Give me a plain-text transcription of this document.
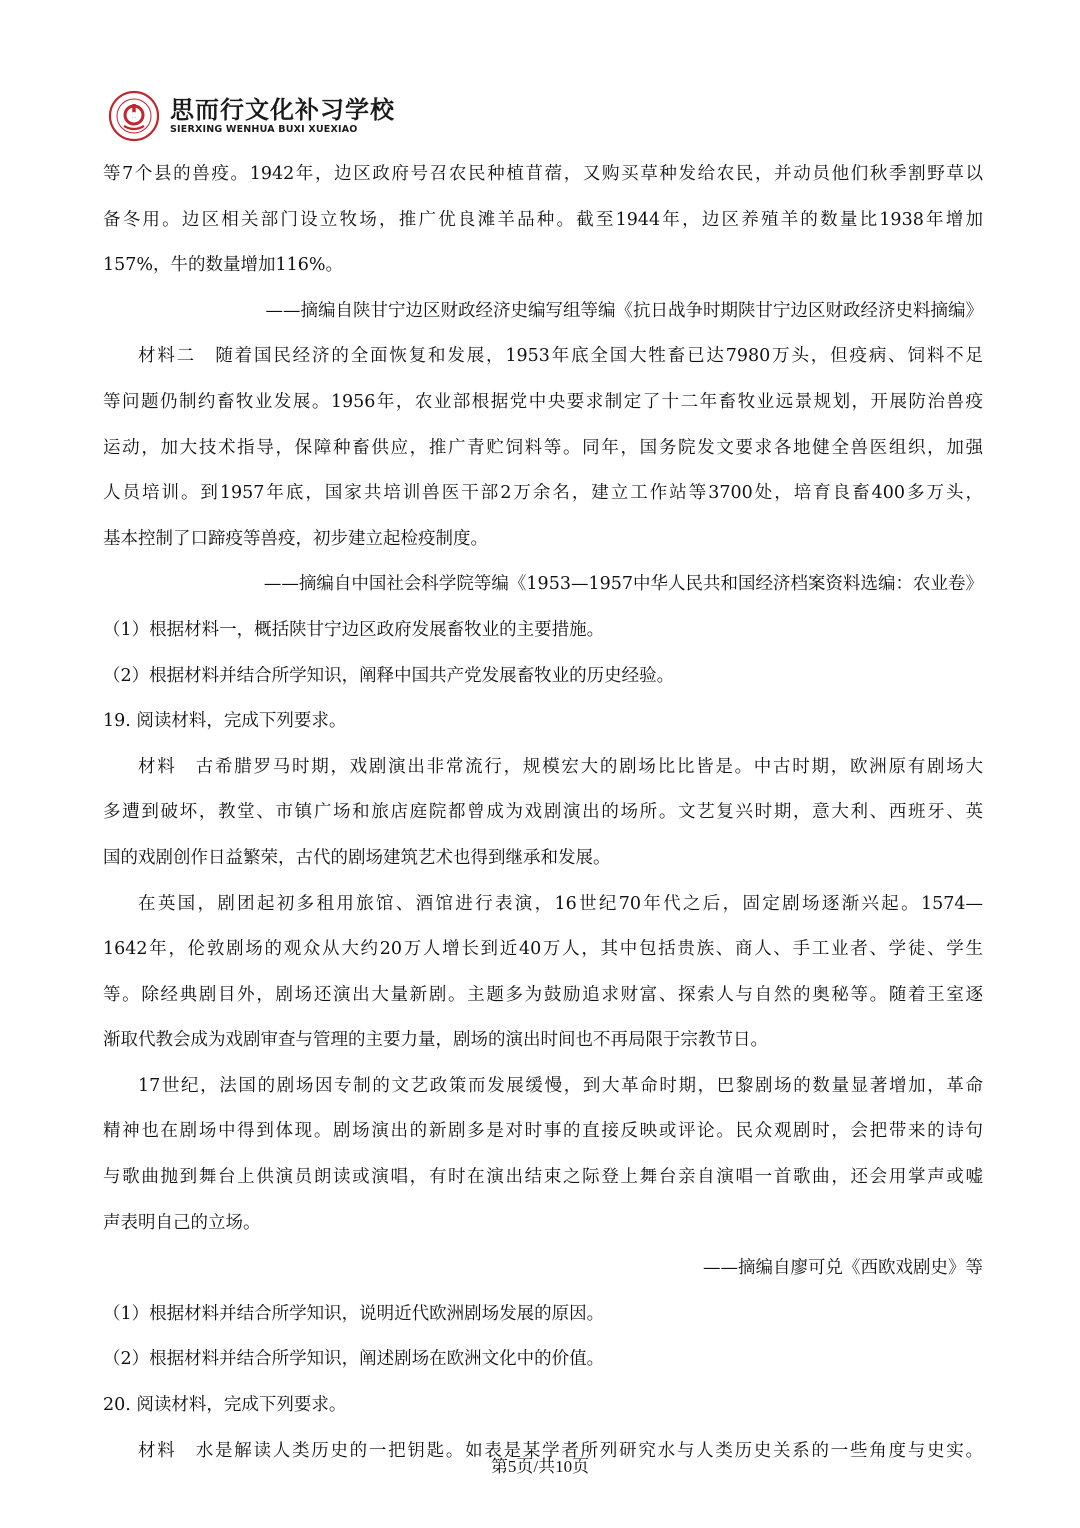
思而行文化补习学校
SIERXING WENHUA BUXI XUEXIAO
等7个县的兽疫。1942年，边区政府号召农民种植苜蓿，又购买草种发给农民，并动员他们秋季割野草以
备冬用。边区相关部门设立牧场，推广优良滩羊品种。截至1944年，边区养殖羊的数量比1938年增加
157%，牛的数量增加116%。
——摘编自陕甘宁边区财政经济史编写组等编《抗日战争时期陕甘宁边区财政经济史料摘编》
材料二　随着国民经济的全面恢复和发展，1953年底全国大牲畜已达7980万头，但疫病、饲料不足
等问题仍制约畜牧业发展。1956年，农业部根据党中央要求制定了十二年畜牧业远景规划，开展防治兽疫
运动，加大技术指导，保障种畜供应，推广青贮饲料等。同年，国务院发文要求各地健全兽医组织，加强
人员培训。到1957年底，国家共培训兽医干部2万余名，建立工作站等3700处，培育良畜400多万头，
基本控制了口蹄疫等兽疫，初步建立起检疫制度。
——摘编自中国社会科学院等编《1953—1957中华人民共和国经济档案资料选编：农业卷》
（1）根据材料一，概括陕甘宁边区政府发展畜牧业的主要措施。
（2）根据材料并结合所学知识，阐释中国共产党发展畜牧业的历史经验。
19. 阅读材料，完成下列要求。
材料　古希腊罗马时期，戏剧演出非常流行，规模宏大的剧场比比皆是。中古时期，欧洲原有剧场大
多遭到破坏，教堂、市镇广场和旅店庭院都曾成为戏剧演出的场所。文艺复兴时期，意大利、西班牙、英
国的戏剧创作日益繁荣，古代的剧场建筑艺术也得到继承和发展。
在英国，剧团起初多租用旅馆、酒馆进行表演，16世纪70年代之后，固定剧场逐渐兴起。1574—
1642年，伦敦剧场的观众从大约20万人增长到近40万人，其中包括贵族、商人、手工业者、学徒、学生
等。除经典剧目外，剧场还演出大量新剧。主题多为鼓励追求财富、探索人与自然的奥秘等。随着王室逐
渐取代教会成为戏剧审查与管理的主要力量，剧场的演出时间也不再局限于宗教节日。
17世纪，法国的剧场因专制的文艺政策而发展缓慢，到大革命时期，巴黎剧场的数量显著增加，革命
精神也在剧场中得到体现。剧场演出的新剧多是对时事的直接反映或评论。民众观剧时，会把带来的诗句
与歌曲抛到舞台上供演员朗读或演唱，有时在演出结束之际登上舞台亲自演唱一首歌曲，还会用掌声或嘘
声表明自己的立场。
——摘编自廖可兑《西欧戏剧史》等
（1）根据材料并结合所学知识，说明近代欧洲剧场发展的原因。
（2）根据材料并结合所学知识，阐述剧场在欧洲文化中的价值。
20. 阅读材料，完成下列要求。
材料　水是解读人类历史的一把钥匙。如表是某学者所列研究水与人类历史关系的一些角度与史实。
第5页/共10页
